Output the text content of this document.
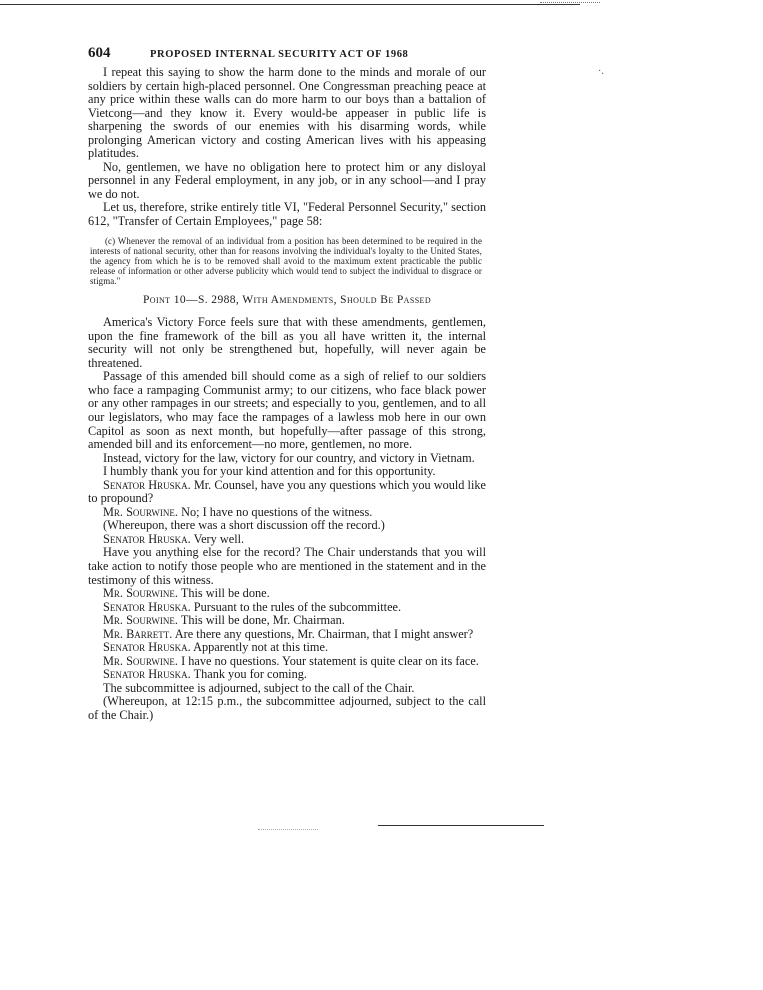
604	PROPOSED INTERNAL SECURITY ACT OF 1968
·.

I repeat this saying to show the harm done to the minds and morale of our soldiers by certain high-placed personnel. One Congressman preaching peace at any price within these walls can do more harm to our boys than a battalion of Vietcong—and they know it. Every would-be appeaser in public life is sharpening the swords of our enemies with his disarming words, while prolonging American victory and costing American lives with his appeasing platitudes.

No, gentlemen, we have no obligation here to protect him or any disloyal personnel in any Federal employment, in any job, or in any school—and I pray we do not.

Let us, therefore, strike entirely title VI, "Federal Personnel Security," section 612, "Transfer of Certain Employees," page 58:

(c) Whenever the removal of an individual from a position has been determined to be required in the interests of national security, other than for reasons involving the individual's loyalty to the United States, the agency from which he is to be removed shall avoid to the maximum extent practicable the public release of information or other adverse publicity which would tend to subject the individual to disgrace or stigma."

Point 10—S. 2988, With Amendments, Should Be Passed

America's Victory Force feels sure that with these amendments, gentlemen, upon the fine framework of the bill as you all have written it, the internal security will not only be strengthened but, hopefully, will never again be threatened.

Passage of this amended bill should come as a sigh of relief to our soldiers who face a rampaging Communist army; to our citizens, who face black power or any other rampages in our streets; and especially to you, gentlemen, and to all our legislators, who may face the rampages of a lawless mob here in our own Capitol as soon as next month, but hopefully—after passage of this strong, amended bill and its enforcement—no more, gentlemen, no more.

Instead, victory for the law, victory for our country, and victory in Vietnam.

I humbly thank you for your kind attention and for this opportunity.

Senator Hruska. Mr. Counsel, have you any questions which you would like to propound?

Mr. Sourwine. No; I have no questions of the witness.

(Whereupon, there was a short discussion off the record.)

Senator Hruska. Very well.

Have you anything else for the record? The Chair understands that you will take action to notify those people who are mentioned in the statement and in the testimony of this witness.

Mr. Sourwine. This will be done.

Senator Hruska. Pursuant to the rules of the subcommittee.

Mr. Sourwine. This will be done, Mr. Chairman.

Mr. Barrett. Are there any questions, Mr. Chairman, that I might answer?

Senator Hruska. Apparently not at this time.

Mr. Sourwine. I have no questions. Your statement is quite clear on its face.

Senator Hruska. Thank you for coming.

The subcommittee is adjourned, subject to the call of the Chair.

(Whereupon, at 12:15 p.m., the subcommittee adjourned, subject to the call of the Chair.)
